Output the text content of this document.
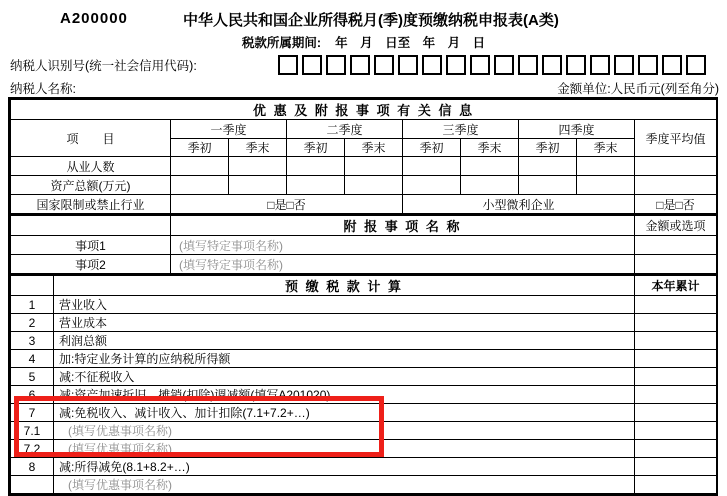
A200000	中华人民共和国企业所得税月(季)度预缴纳税申报表(A类)
税款所属期间: 年　月　日至　年　月　日
纳税人识别号(统一社会信用代码):
纳税人名称:	金额单位:人民币元(列至角分)
优 惠 及 附 报 事 项 有 关 信 息									
项　　目	一季度		二季度		三季度		四季度		季度平均值
	季初	季末	季初	季末	季初	季末	季初	季末	
从业人数									
资产总额(万元)									
国家限制或禁止行业	□是□否				小型微利企业				□是□否
	附 报 事 项 名 称	金额或选项
事项1	(填写特定事项名称)	
事项2	(填写特定事项名称)	
	预 缴 税 款 计 算	本年累计
1	营业收入	
2	营业成本	
3	利润总额	
4	加:特定业务计算的应纳税所得额	
5	减:不征税收入	
6	减:资产加速折旧、摊销(扣除)调减额(填写A201020)	
7	减:免税收入、减计收入、加计扣除(7.1+7.2+…)	
7.1	(填写优惠事项名称)	
7.2	(填写优惠事项名称)	
8	减:所得减免(8.1+8.2+…)	
	(填写优惠事项名称)	
